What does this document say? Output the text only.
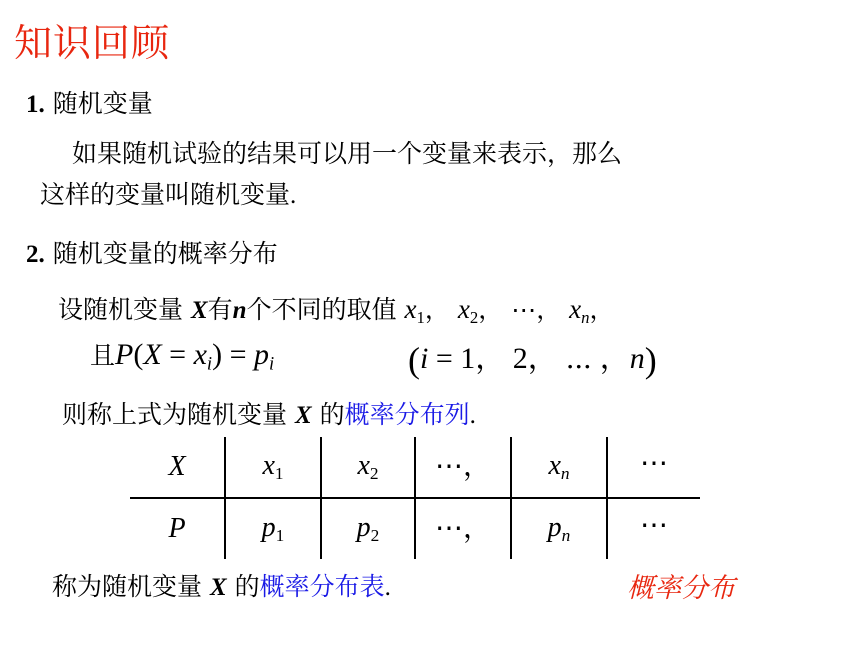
知识回顾
1. 随机变量
如果随机试验的结果可以用一个变量来表示，那么
这样的变量叫随机变量.
2. 随机变量的概率分布
设随机变量 X有n个不同的取值 $x_1$， $x_2$， ⋯， $x_n$，
且$P(X = x_i) = p_i$	(i = 1， 2， ⋯ ，n)
则称上式为随机变量 X 的概率分布列.
X	$x_1$	$x_2$	⋯，	$x_n$	⋯
P	$p_1$	$p_2$	⋯，	$p_n$	⋯
称为随机变量 X 的概率分布表.	概率分布
